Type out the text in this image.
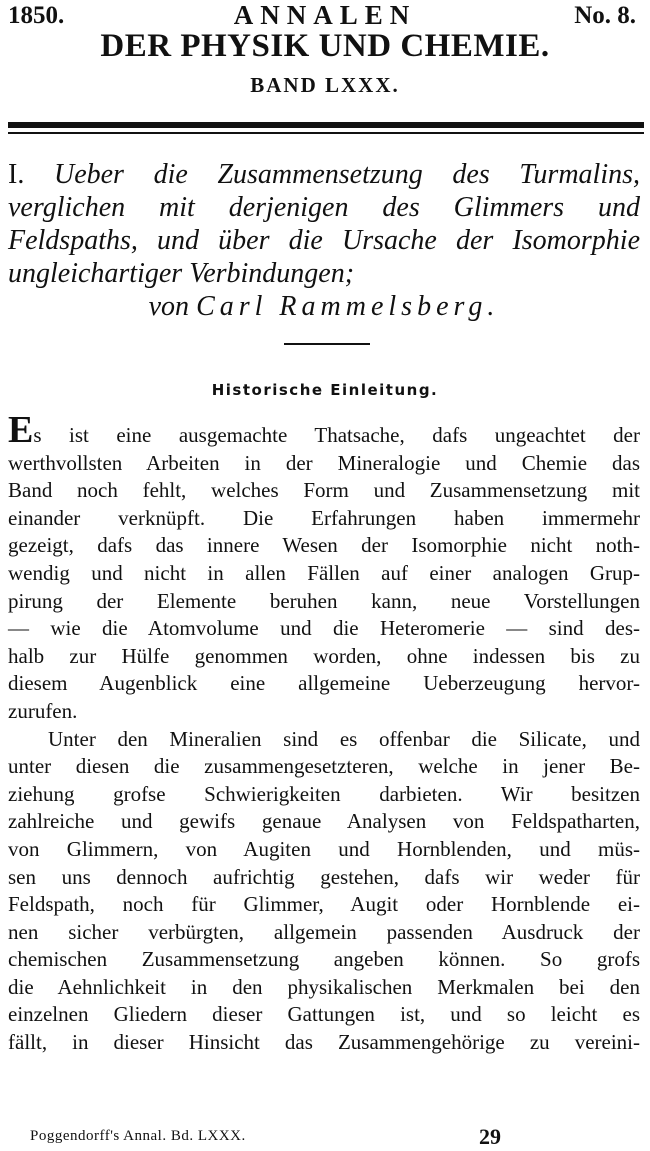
1850.	ANNALEN	No. 8.
DER PHYSIK UND CHEMIE.
BAND LXXX.
I. Ueber die Zusammensetzung des Turmalins, verglichen mit derjenigen des Glimmers und Feldspaths, und über die Ursache der Isomorphie ungleichartiger Verbindungen;
von Carl Rammelsberg.
Historische Einleitung.
Es ist eine ausgemachte Thatsache, dafs ungeachtet der
werthvollsten Arbeiten in der Mineralogie und Chemie das
Band noch fehlt, welches Form und Zusammensetzung mit
einander verknüpft. Die Erfahrungen haben immermehr
gezeigt, dafs das innere Wesen der Isomorphie nicht noth-
wendig und nicht in allen Fällen auf einer analogen Grup-
pirung der Elemente beruhen kann, neue Vorstellungen
— wie die Atomvolume und die Heteromerie — sind des-
halb zur Hülfe genommen worden, ohne indessen bis zu
diesem Augenblick eine allgemeine Ueberzeugung hervor-
zurufen.
Unter den Mineralien sind es offenbar die Silicate, und
unter diesen die zusammengesetzteren, welche in jener Be-
ziehung grofse Schwierigkeiten darbieten. Wir besitzen
zahlreiche und gewifs genaue Analysen von Feldspatharten,
von Glimmern, von Augiten und Hornblenden, und müs-
sen uns dennoch aufrichtig gestehen, dafs wir weder für
Feldspath, noch für Glimmer, Augit oder Hornblende ei-
nen sicher verbürgten, allgemein passenden Ausdruck der
chemischen Zusammensetzung angeben können. So grofs
die Aehnlichkeit in den physikalischen Merkmalen bei den
einzelnen Gliedern dieser Gattungen ist, und so leicht es
fällt, in dieser Hinsicht das Zusammengehörige zu vereini-
Poggendorff's Annal. Bd. LXXX.	29
